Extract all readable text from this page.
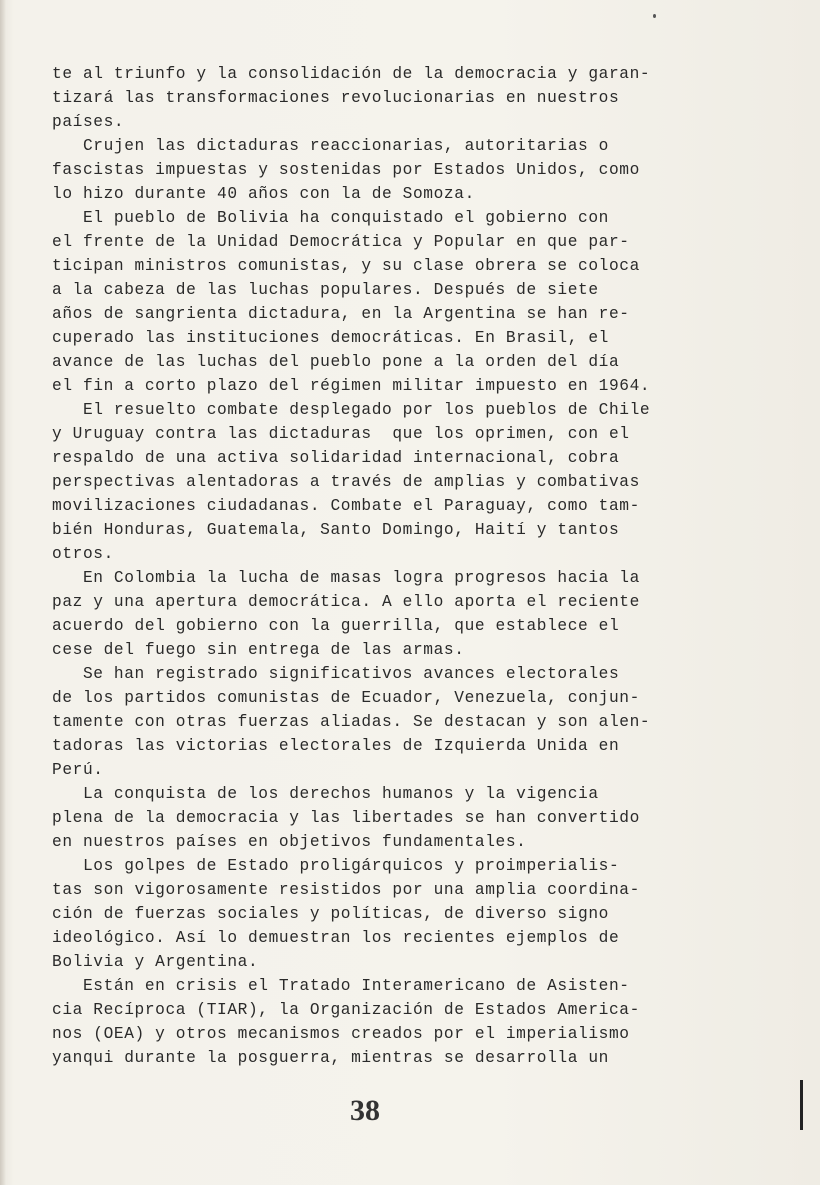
te al triunfo y la consolidación de la democracia y garan-
tizará las transformaciones revolucionarias en nuestros
países.
Crujen las dictaduras reaccionarias, autoritarias o
fascistas impuestas y sostenidas por Estados Unidos, como
lo hizo durante 40 años con la de Somoza.
El pueblo de Bolivia ha conquistado el gobierno con
el frente de la Unidad Democrática y Popular en que par-
ticipan ministros comunistas, y su clase obrera se coloca
a la cabeza de las luchas populares. Después de siete
años de sangrienta dictadura, en la Argentina se han re-
cuperado las instituciones democráticas. En Brasil, el
avance de las luchas del pueblo pone a la orden del día
el fin a corto plazo del régimen militar impuesto en 1964.
El resuelto combate desplegado por los pueblos de Chile
y Uruguay contra las dictaduras  que los oprimen, con el
respaldo de una activa solidaridad internacional, cobra
perspectivas alentadoras a través de amplias y combativas
movilizaciones ciudadanas. Combate el Paraguay, como tam-
bién Honduras, Guatemala, Santo Domingo, Haití y tantos
otros.
En Colombia la lucha de masas logra progresos hacia la
paz y una apertura democrática. A ello aporta el reciente
acuerdo del gobierno con la guerrilla, que establece el
cese del fuego sin entrega de las armas.
Se han registrado significativos avances electorales
de los partidos comunistas de Ecuador, Venezuela, conjun-
tamente con otras fuerzas aliadas. Se destacan y son alen-
tadoras las victorias electorales de Izquierda Unida en
Perú.
La conquista de los derechos humanos y la vigencia
plena de la democracia y las libertades se han convertido
en nuestros países en objetivos fundamentales.
Los golpes de Estado proligárquicos y proimperialis-
tas son vigorosamente resistidos por una amplia coordina-
ción de fuerzas sociales y políticas, de diverso signo
ideológico. Así lo demuestran los recientes ejemplos de
Bolivia y Argentina.
Están en crisis el Tratado Interamericano de Asisten-
cia Recíproca (TIAR), la Organización de Estados America-
nos (OEA) y otros mecanismos creados por el imperialismo
yanqui durante la posguerra, mientras se desarrolla un
38
